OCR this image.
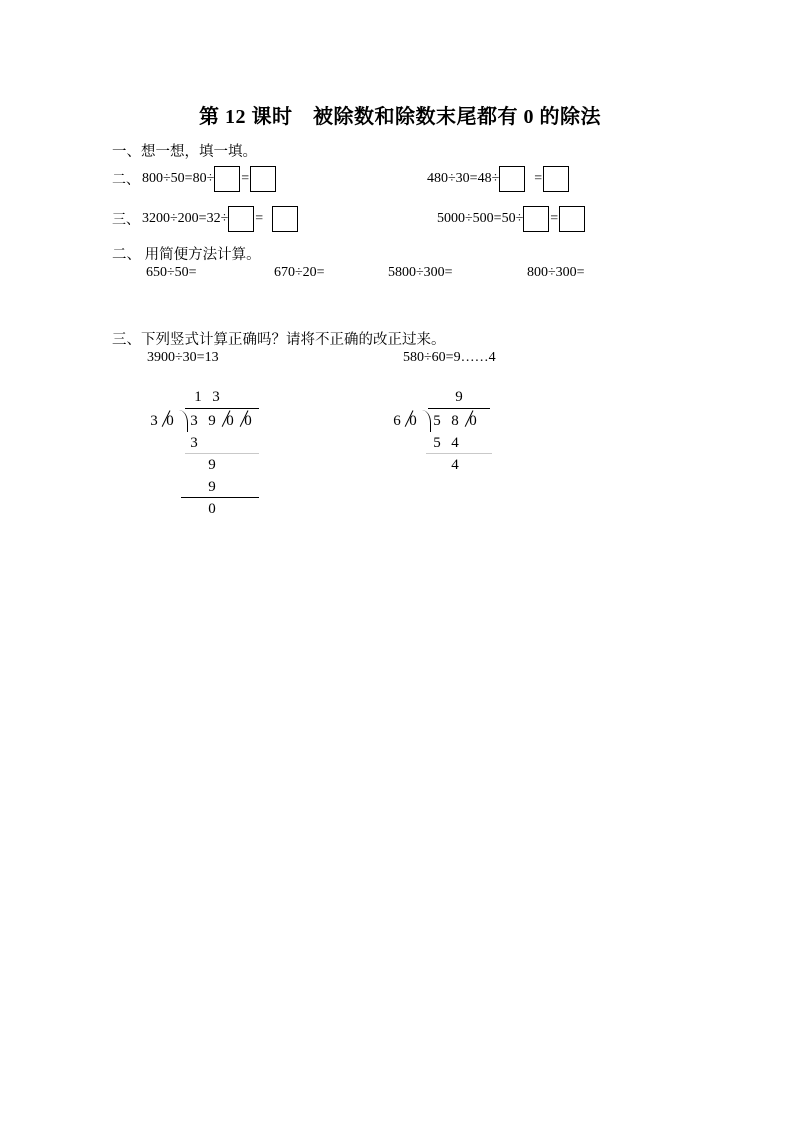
第 12 课时　被除数和除数末尾都有 0 的除法
一、想一想，填一填。
二、 800÷50=80÷ =	480÷30=48÷	=
三、 3200÷200=32÷ =	5000÷500=50÷ =
二、 用简便方法计算。
650÷50=	670÷20=	5800÷300=	800÷300=
三、下列竖式计算正确吗？请将不正确的改正过来。
3900÷30=13
1 3
3 0 3 9 0 0
3
9
9
0
580÷60=9……4
9
6 0 5 8 0
5 4
4
